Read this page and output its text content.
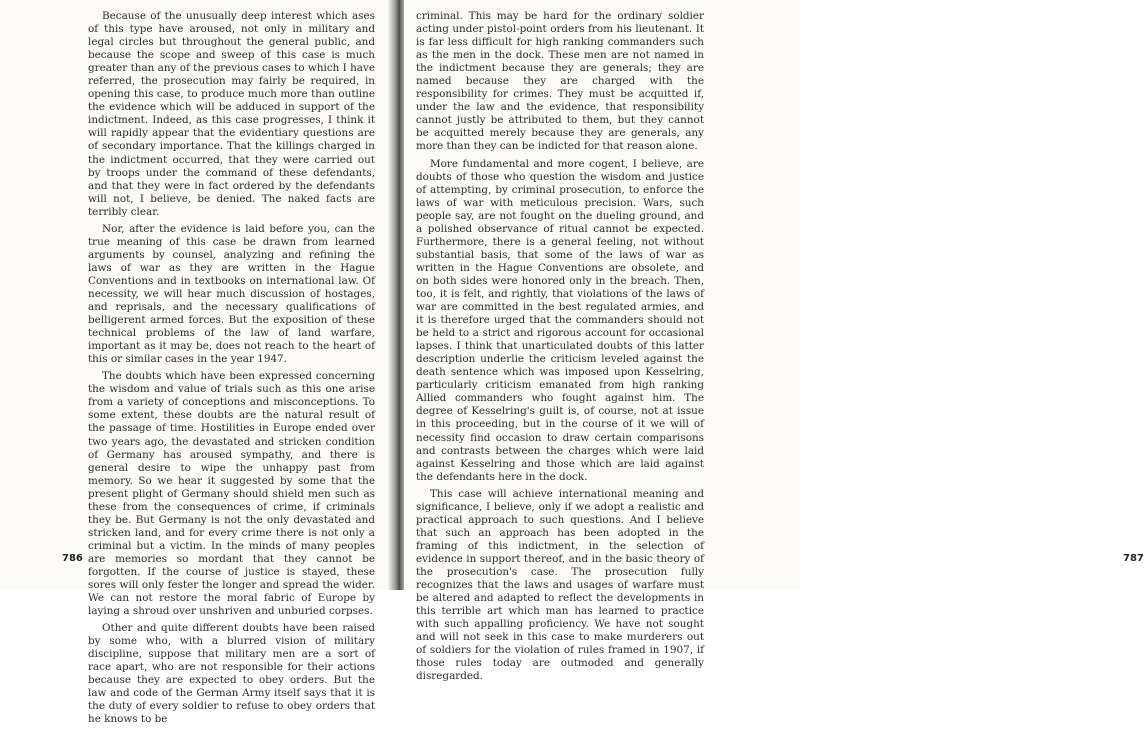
Because of the unusually deep interest which ases of this type have aroused, not only in military and legal circles but throughout the general public, and because the scope and sweep of this case is much greater than any of the previous cases to which I have referred, the prosecution may fairly be required, in opening this case, to produce much more than outline the evidence which will be adduced in support of the indictment. Indeed, as this case progresses, I think it will rapidly appear that the evidentiary questions are of secondary importance. That the killings charged in the indictment occurred, that they were carried out by troops under the command of these defendants, and that they were in fact ordered by the defendants will not, I believe, be denied. The naked facts are terribly clear.

Nor, after the evidence is laid before you, can the true meaning of this case be drawn from learned arguments by counsel, analyzing and refining the laws of war as they are written in the Hague Conventions and in textbooks on international law. Of necessity, we will hear much discussion of hostages, and reprisals, and the necessary qualifications of belligerent armed forces. But the exposition of these technical problems of the law of land warfare, important as it may be, does not reach to the heart of this or similar cases in the year 1947.

The doubts which have been expressed concerning the wisdom and value of trials such as this one arise from a variety of conceptions and misconceptions. To some extent, these doubts are the natural result of the passage of time. Hostilities in Europe ended over two years ago, the devastated and stricken condition of Germany has aroused sympathy, and there is general desire to wipe the unhappy past from memory. So we hear it suggested by some that the present plight of Germany should shield men such as these from the consequences of crime, if criminals they be. But Germany is not the only devastated and stricken land, and for every crime there is not only a criminal but a victim. In the minds of many peoples are memories so mordant that they cannot be forgotten. If the course of justice is stayed, these sores will only fester the longer and spread the wider. We can not restore the moral fabric of Europe by laying a shroud over unshriven and unburied corpses.

Other and quite different doubts have been raised by some who, with a blurred vision of military discipline, suppose that military men are a sort of race apart, who are not responsible for their actions because they are expected to obey orders. But the law and code of the German Army itself says that it is the duty of every soldier to refuse to obey orders that he knows to be

786

criminal. This may be hard for the ordinary soldier acting under pistol-point orders from his lieutenant. It is far less difficult for high ranking commanders such as the men in the dock. These men are not named in the indictment because they are generals; they are named because they are charged with the responsibility for crimes. They must be acquitted if, under the law and the evidence, that responsibility cannot justly be attributed to them, but they cannot be acquitted merely because they are generals, any more than they can be indicted for that reason alone.

More fundamental and more cogent, I believe, are doubts of those who question the wisdom and justice of attempting, by criminal prosecution, to enforce the laws of war with meticulous precision. Wars, such people say, are not fought on the dueling ground, and a polished observance of ritual cannot be expected. Furthermore, there is a general feeling, not without substantial basis, that some of the laws of war as written in the Hague Conventions are obsolete, and on both sides were honored only in the breach. Then, too, it is felt, and rightly, that violations of the laws of war are committed in the best regulated armies, and it is therefore urged that the commanders should not be held to a strict and rigorous account for occasional lapses. I think that unarticulated doubts of this latter description underlie the criticism leveled against the death sentence which was imposed upon Kesselring, particularly criticism emanated from high ranking Allied commanders who fought against him. The degree of Kesselring's guilt is, of course, not at issue in this proceeding, but in the course of it we will of necessity find occasion to draw certain comparisons and contrasts between the charges which were laid against Kesselring and those which are laid against the defendants here in the dock.

This case will achieve international meaning and significance, I believe, only if we adopt a realistic and practical approach to such questions. And I believe that such an approach has been adopted in the framing of this indictment, in the selection of evidence in support thereof, and in the basic theory of the prosecution's case. The prosecution fully recognizes that the laws and usages of warfare must be altered and adapted to reflect the developments in this terrible art which man has learned to practice with such appalling proficiency. We have not sought and will not seek in this case to make murderers out of soldiers for the violation of rules framed in 1907, if those rules today are outmoded and generally disregarded.

787
